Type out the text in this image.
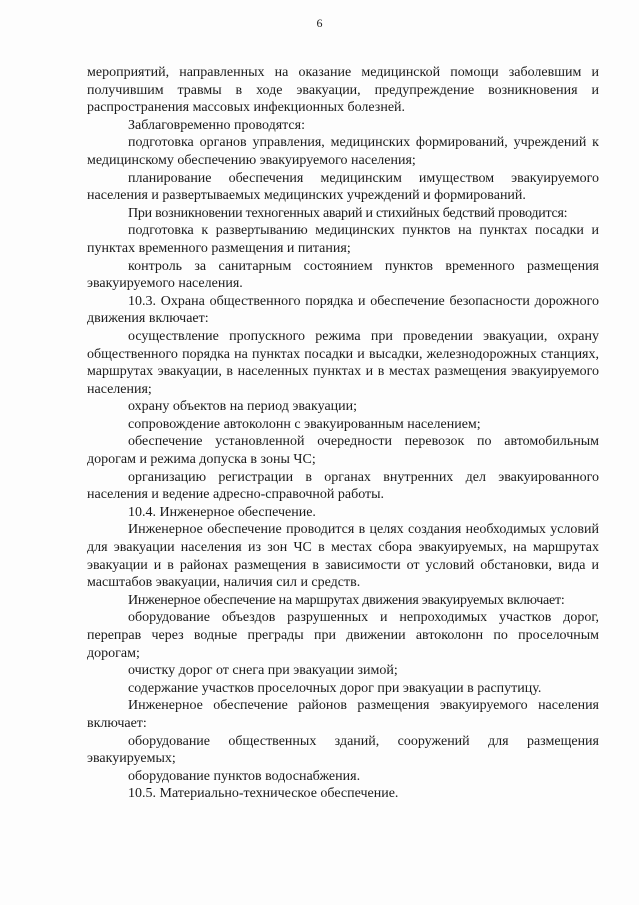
6

мероприятий, направленных на оказание медицинской помощи заболевшим и получившим травмы в ходе эвакуации, предупреждение возникновения и распространения массовых инфекционных болезней.

Заблаговременно проводятся:

подготовка органов управления, медицинских формирований, учреждений к медицинскому обеспечению эвакуируемого населения;

планирование обеспечения медицинским имуществом эвакуируемого населения и развертываемых медицинских учреждений и формирований.

При возникновении техногенных аварий и стихийных бедствий проводится:

подготовка к развертыванию медицинских пунктов на пунктах посадки и пунктах временного размещения и питания;

контроль за санитарным состоянием пунктов временного размещения эвакуируемого населения.

10.3. Охрана общественного порядка и обеспечение безопасности дорожного движения включает:

осуществление пропускного режима при проведении эвакуации, охрану общественного порядка на пунктах посадки и высадки, железнодорожных станциях, маршрутах эвакуации, в населенных пунктах и в местах размещения эвакуируемого населения;

охрану объектов на период эвакуации;

сопровождение автоколонн с эвакуированным населением;

обеспечение установленной очередности перевозок по автомобильным дорогам и режима допуска в зоны ЧС;

организацию регистрации в органах внутренних дел эвакуированного населения и ведение адресно-справочной работы.

10.4. Инженерное обеспечение.

Инженерное обеспечение проводится в целях создания необходимых условий для эвакуации населения из зон ЧС в местах сбора эвакуируемых, на маршрутах эвакуации и в районах размещения в зависимости от условий обстановки, вида и масштабов эвакуации, наличия сил и средств.

Инженерное обеспечение на маршрутах движения эвакуируемых включает:

оборудование объездов разрушенных и непроходимых участков дорог, переправ через водные преграды при движении автоколонн по проселочным дорогам;

очистку дорог от снега при эвакуации зимой;

содержание участков проселочных дорог при эвакуации в распутицу.

Инженерное обеспечение районов размещения эвакуируемого населения включает:

оборудование общественных зданий, сооружений для размещения эвакуируемых;

оборудование пунктов водоснабжения.

10.5. Материально-техническое обеспечение.
